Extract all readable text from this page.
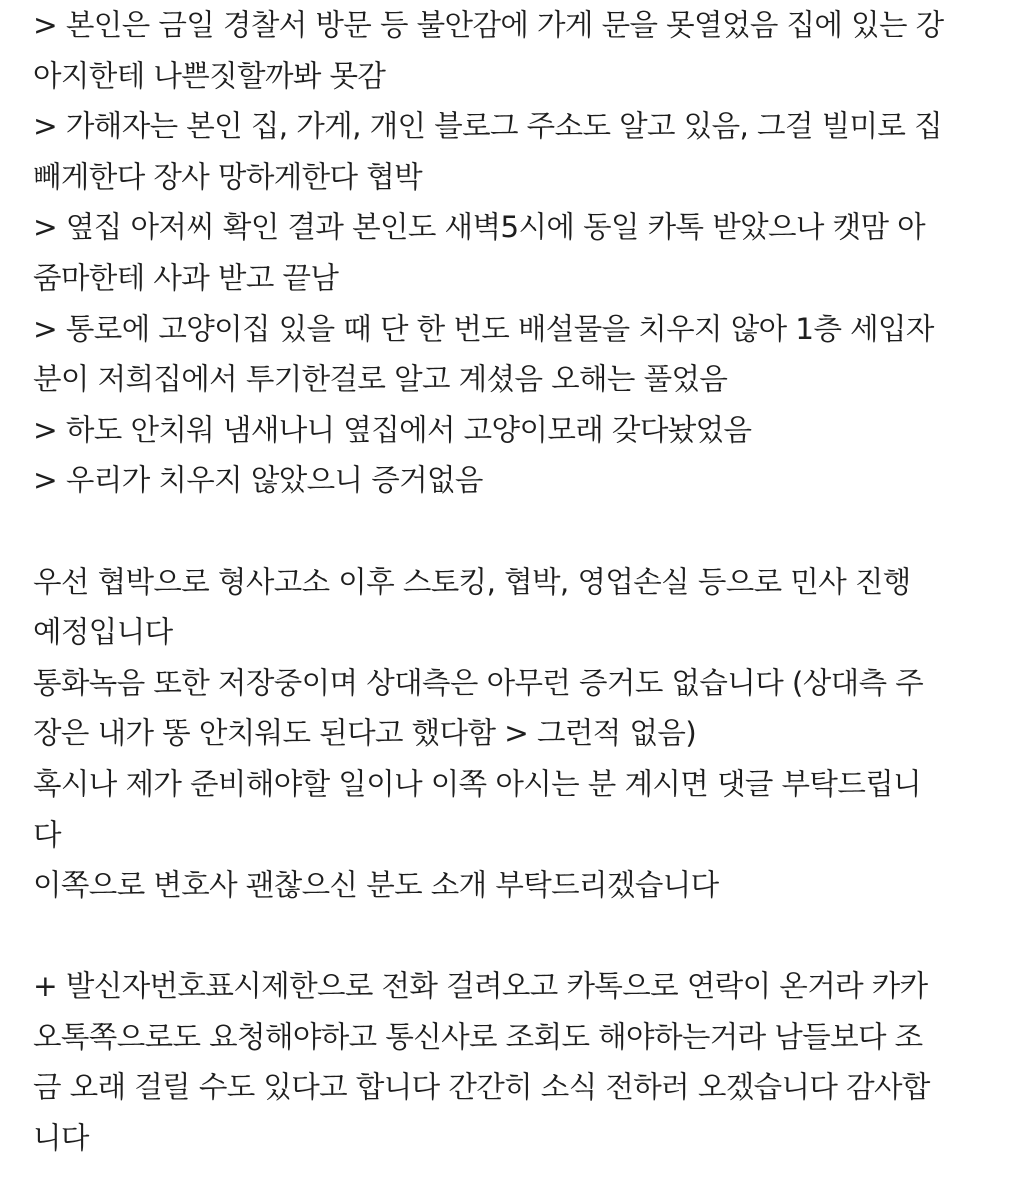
> 본인은 금일 경찰서 방문 등 불안감에 가게 문을 못열었음 집에 있는 강
아지한테 나쁜짓할까봐 못감
> 가해자는 본인 집, 가게, 개인 블로그 주소도 알고 있음, 그걸 빌미로 집
빼게한다 장사 망하게한다 협박
> 옆집 아저씨 확인 결과 본인도 새벽5시에 동일 카톡 받았으나 캣맘 아
줌마한테 사과 받고 끝남
> 통로에 고양이집 있을 때 단 한 번도 배설물을 치우지 않아 1층 세입자
분이 저희집에서 투기한걸로 알고 계셨음 오해는 풀었음
> 하도 안치워 냄새나니 옆집에서 고양이모래 갖다놨었음
> 우리가 치우지 않았으니 증거없음
우선 협박으로 형사고소 이후 스토킹, 협박, 영업손실 등으로 민사 진행
예정입니다
통화녹음 또한 저장중이며 상대측은 아무런 증거도 없습니다 (상대측 주
장은 내가 똥 안치워도 된다고 했다함 > 그런적 없음)
혹시나 제가 준비해야할 일이나 이쪽 아시는 분 계시면 댓글 부탁드립니
다
이쪽으로 변호사 괜찮으신 분도 소개 부탁드리겠습니다
+ 발신자번호표시제한으로 전화 걸려오고 카톡으로 연락이 온거라 카카
오톡쪽으로도 요청해야하고 통신사로 조회도 해야하는거라 남들보다 조
금 오래 걸릴 수도 있다고 합니다 간간히 소식 전하러 오겠습니다 감사합
니다
